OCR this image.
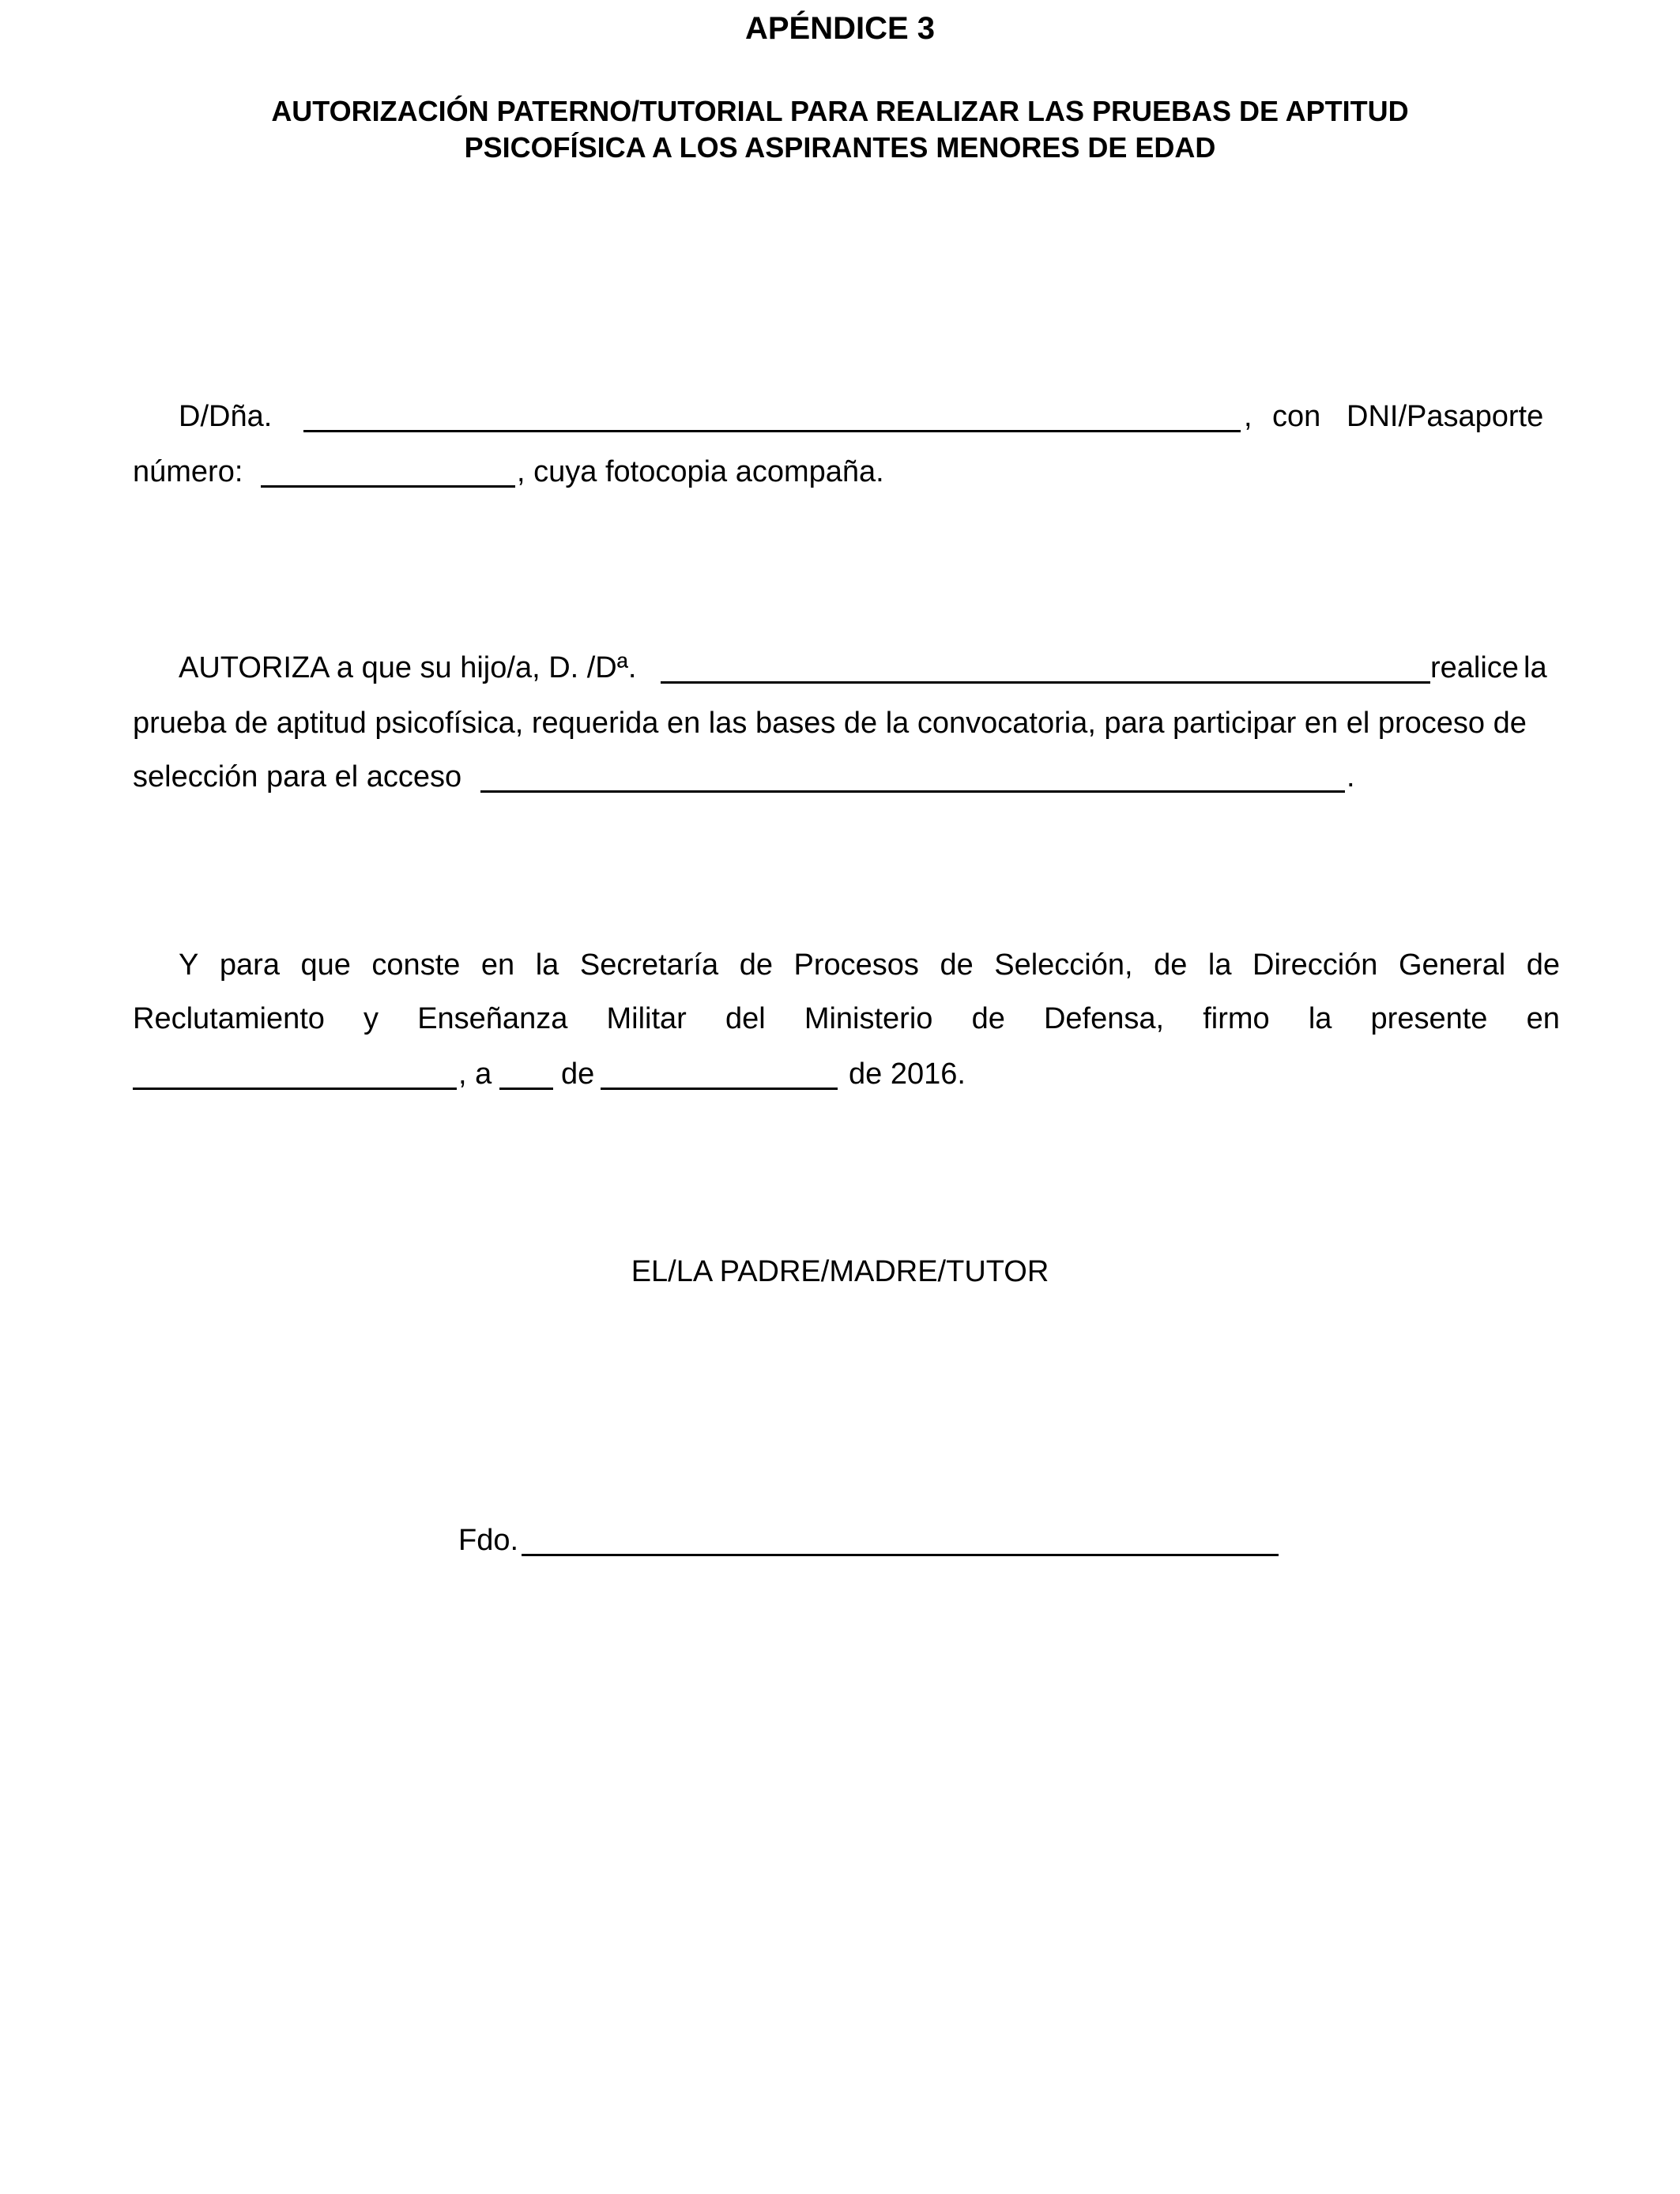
APÉNDICE 3
AUTORIZACIÓN PATERNO/TUTORIAL PARA REALIZAR LAS PRUEBAS DE APTITUD
PSICOFÍSICA A LOS ASPIRANTES MENORES DE EDAD
D/Dña.	, con DNI/Pasaporte
número:	, cuya fotocopia acompaña.
AUTORIZA a que su hijo/a, D. /Dª.	realice la
prueba de aptitud psicofísica, requerida en las bases de la convocatoria, para participar en el proceso de
selección para el acceso	.
Y para que conste en la Secretaría de Procesos de Selección, de la Dirección General de
Reclutamiento y Enseñanza Militar del Ministerio de Defensa, firmo la presente en
, a de	de 2016.
EL/LA PADRE/MADRE/TUTOR
Fdo.
